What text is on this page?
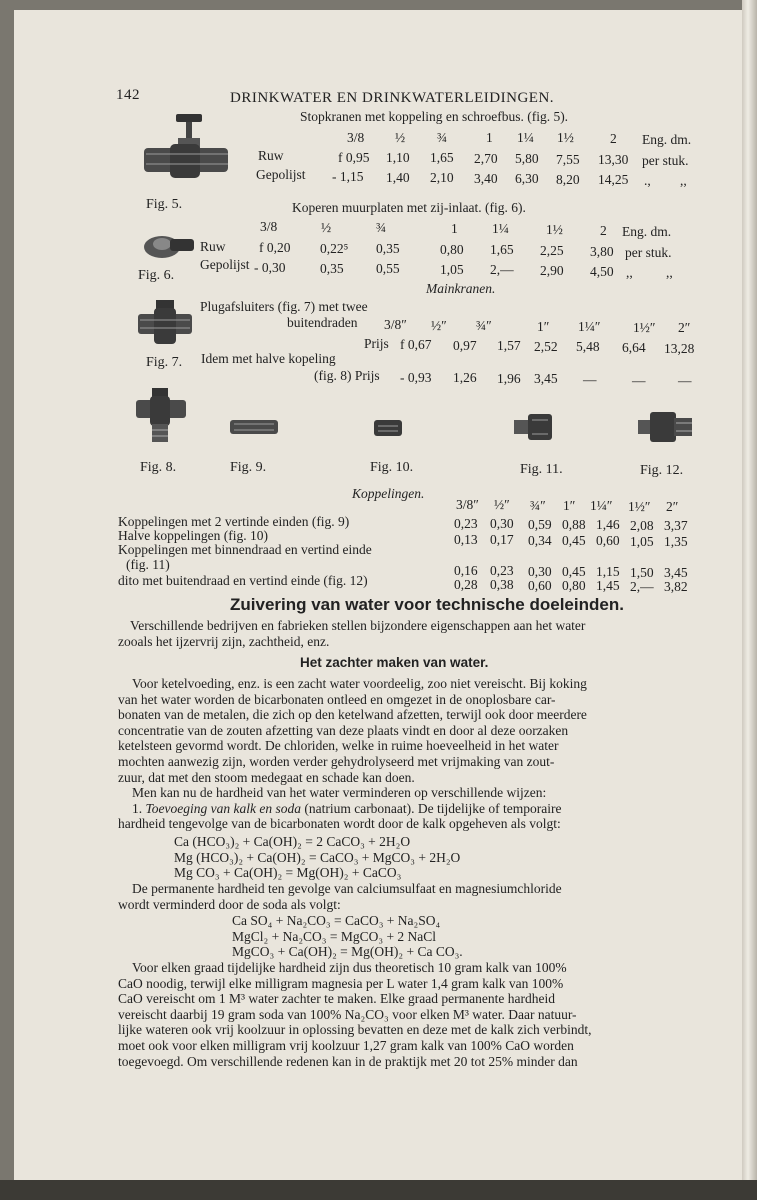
142	DRINKWATER EN DRINKWATERLEIDINGEN.
Fig. 5.
Fig. 6.
Fig. 7.
Fig. 8.	Fig. 9.	Fig. 10.	Fig. 11.	Fig. 12.
Stopkranen met koppeling en schroefbus. (fig. 5).
3/8 ½ ¾	1 1¼ 1½	2 Eng. dm.
Ruw	f 0,95 1,10 1,65 2,70 5,80 7,55 13,30 per stuk.
Gepolijst - 1,15 1,40 2,10 3,40 6,30 8,20 14,25 ., ,,
Koperen muurplaten met zij-inlaat. (fig. 6).
3/8	½	¾	1	1¼	1½	2 Eng. dm.
Ruw f 0,20 0,22⁵ 0,35	0,80 1,65 2,25 3,80 per stuk.
Gepolijst - 0,30	0,35 0,55	1,05 2,— 2,90 4,50 ,, ,,
Mainkranen.
Plugafsluiters (fig. 7) met twee
buitendraden 3/8″ ½″ ¾″	1″ 1¼″ 1½″ 2″
Prijs f 0,67 0,97 1,57 2,52 5,48 6,64 13,28
Idem met halve kopeling
(fig. 8) Prijs - 0,93 1,26 1,96 3,45 —	— —
Koppelingen.
3/8″ ½″ ¾″ 1″ 1¼″ 1½″ 2″
Koppelingen met 2 vertinde einden (fig. 9)	0,23 0,30 0,59 0,88 1,46 2,08 3,37
Halve koppelingen (fig. 10)	0,13 0,17 0,34 0,45 0,60 1,05 1,35
Koppelingen met binnendraad en vertind einde
(fig. 11)	0,16 0,23 0,30 0,45 1,15 1,50 3,45
dito met buitendraad en vertind einde (fig. 12)	0,28 0,38 0,60 0,80 1,45 2,— 3,82
Zuivering van water voor technische doeleinden.
Verschillende bedrijven en fabrieken stellen bijzondere eigenschappen aan het water
zooals het ijzervrij zijn, zachtheid, enz.
Het zachter maken van water.
Voor ketelvoeding, enz. is een zacht water voordeelig, zoo niet vereischt. Bij koking
van het water worden de bicarbonaten ontleed en omgezet in de onoplosbare car-
bonaten van de metalen, die zich op den ketelwand afzetten, terwijl ook door meerdere
concentratie van de zouten afzetting van deze plaats vindt en door al deze oorzaken
ketelsteen gevormd wordt. De chloriden, welke in ruime hoeveelheid in het water
mochten aanwezig zijn, worden verder gehydrolyseerd met vrijmaking van zout-
zuur, dat met den stoom medegaat en schade kan doen.
Men kan nu de hardheid van het water verminderen op verschillende wijzen:
1. Toevoeging van kalk en soda (natrium carbonaat). De tijdelijke of temporaire
hardheid tengevolge van de bicarbonaten wordt door de kalk opgeheven als volgt:
Ca (HCO₃)₂ + Ca(OH)₂ = 2 CaCO₃ + 2H₂O
Mg (HCO₃)₂ + Ca(OH)₂ = CaCO₃ + MgCO₃ + 2H₂O
Mg CO₃ + Ca(OH)₂ = Mg(OH)₂ + CaCO₃
De permanente hardheid ten gevolge van calciumsulfaat en magnesiumchloride
wordt verminderd door de soda als volgt:
Ca SO₄ + Na₂CO₃ = CaCO₃ + Na₂SO₄
MgCl₂ + Na₂CO₃ = MgCO₃ + 2 NaCl
MgCO₃ + Ca(OH)₂ = Mg(OH)₂ + Ca CO₃.
Voor elken graad tijdelijke hardheid zijn dus theoretisch 10 gram kalk van 100%
CaO noodig, terwijl elke milligram magnesia per L water 1,4 gram kalk van 100%
CaO vereischt om 1 M³ water zachter te maken. Elke graad permanente hardheid
vereischt daarbij 19 gram soda van 100% Na₂CO₃ voor elken M³ water. Daar natuur-
lijke wateren ook vrij koolzuur in oplossing bevatten en deze met de kalk zich verbindt,
moet ook voor elken milligram vrij koolzuur 1,27 gram kalk van 100% CaO worden
toegevoegd. Om verschillende redenen kan in de praktijk met 20 tot 25% minder dan
